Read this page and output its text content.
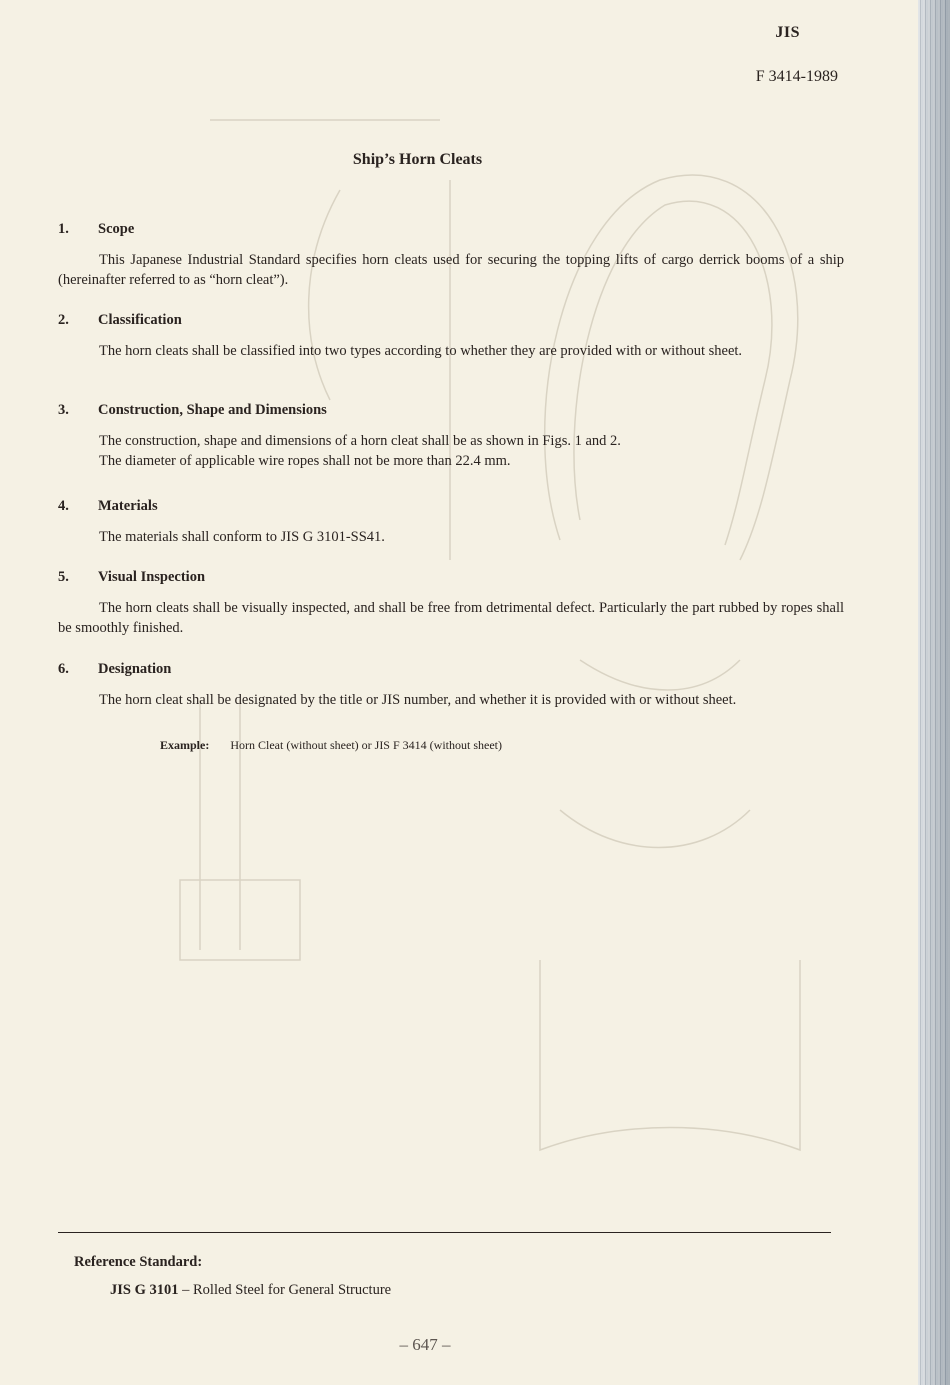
JIS
F 3414-1989
Ship’s Horn Cleats
1. Scope
This Japanese Industrial Standard specifies horn cleats used for securing the topping lifts of cargo derrick booms of a ship (hereinafter referred to as “horn cleat”).
2. Classification
The horn cleats shall be classified into two types according to whether they are provided with or without sheet.
3. Construction, Shape and Dimensions
The construction, shape and dimensions of a horn cleat shall be as shown in Figs. 1 and 2.
The diameter of applicable wire ropes shall not be more than 22.4 mm.
4. Materials
The materials shall conform to JIS G 3101-SS41.
5. Visual Inspection
The horn cleats shall be visually inspected, and shall be free from detrimental defect. Particularly the part rubbed by ropes shall be smoothly finished.
6. Designation
The horn cleat shall be designated by the title or JIS number, and whether it is provided with or without sheet.
Example: Horn Cleat (without sheet) or JIS F 3414 (without sheet)
Reference Standard:
JIS G 3101 – Rolled Steel for General Structure
– 647 –
